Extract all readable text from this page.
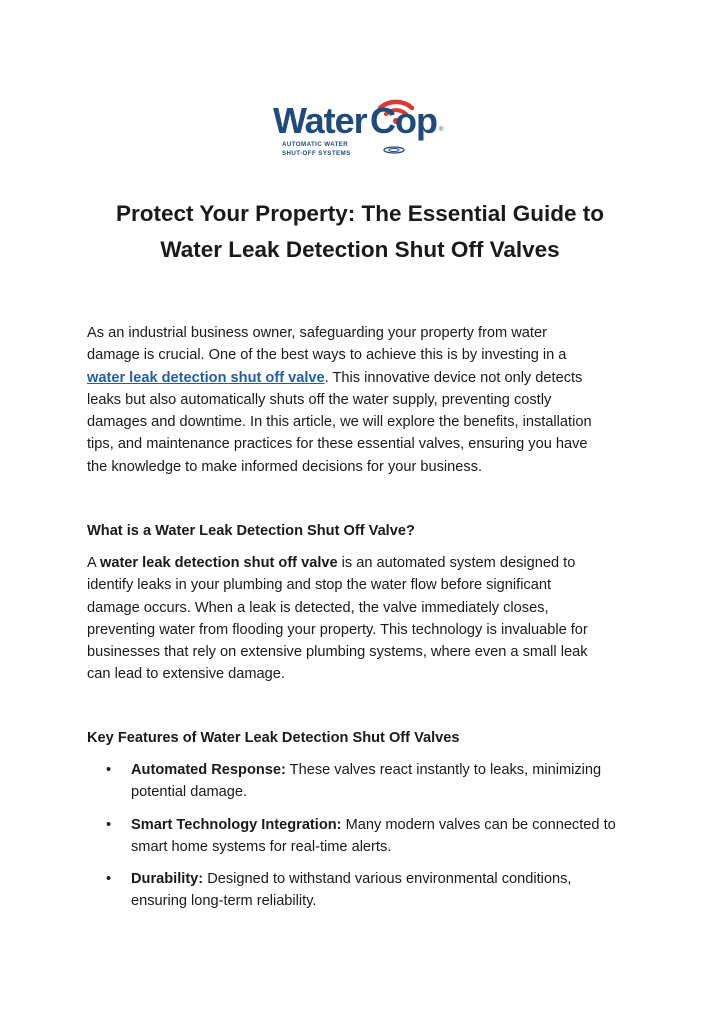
Water Cop ®
AUTOMATIC WATER
SHUT-OFF SYSTEMS
Protect Your Property: The Essential Guide to
Water Leak Detection Shut Off Valves

As an industrial business owner, safeguarding your property from water
damage is crucial. One of the best ways to achieve this is by investing in a
water leak detection shut off valve. This innovative device not only detects
leaks but also automatically shuts off the water supply, preventing costly
damages and downtime. In this article, we will explore the benefits, installation
tips, and maintenance practices for these essential valves, ensuring you have
the knowledge to make informed decisions for your business.

What is a Water Leak Detection Shut Off Valve?

A water leak detection shut off valve is an automated system designed to
identify leaks in your plumbing and stop the water flow before significant
damage occurs. When a leak is detected, the valve immediately closes,
preventing water from flooding your property. This technology is invaluable for
businesses that rely on extensive plumbing systems, where even a small leak
can lead to extensive damage.

Key Features of Water Leak Detection Shut Off Valves
• Automated Response: These valves react instantly to leaks, minimizing
potential damage.
• Smart Technology Integration: Many modern valves can be connected to
smart home systems for real-time alerts.
• Durability: Designed to withstand various environmental conditions,
ensuring long-term reliability.
